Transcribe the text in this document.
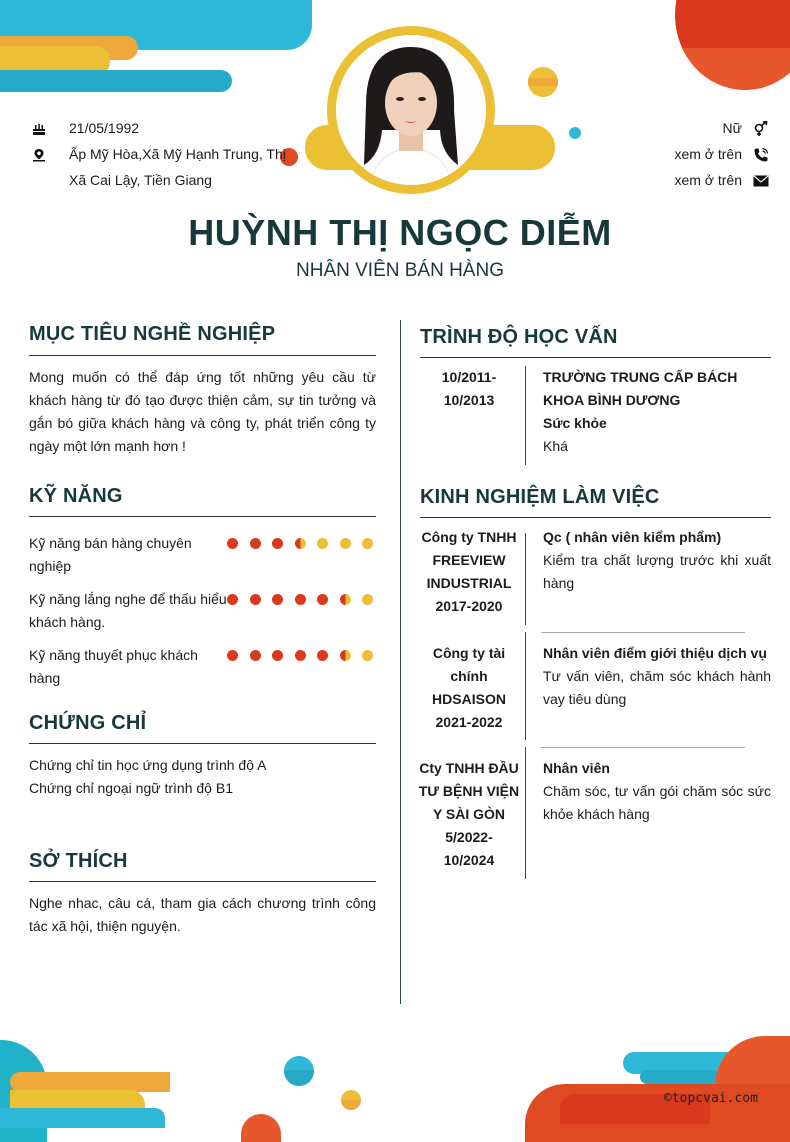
21/05/1992
Ấp Mỹ Hòa,Xã Mỹ Hạnh Trung, Thị
Xã Cai Lậy, Tiền Giang
Nữ
xem ở trên
xem ở trên
HUỲNH THỊ NGỌC DIỄM
NHÂN VIÊN BÁN HÀNG
MỤC TIÊU NGHỀ NGHIỆP
Mong muốn có thể đáp ứng tốt những yêu cầu từ khách hàng từ đó tạo được thiện cảm, sự tin tưởng và gắn bó giữa khách hàng và công ty, phát triển công ty ngày một lớn mạnh hơn !
KỸ NĂNG
Kỹ năng bán hàng chuyên nghiệp
Kỹ năng lắng nghe để thấu hiểu khách hàng.
Kỹ năng thuyết phục khách hàng
CHỨNG CHỈ
Chứng chỉ tin học ứng dụng trình độ A
Chứng chỉ ngoại ngữ trình độ B1
SỞ THÍCH
Nghe nhac, câu cá, tham gia cách chương trình công tác xã hội, thiện nguyện.
TRÌNH ĐỘ HỌC VẤN
10/2011- 10/2013
TRƯỜNG TRUNG CẤP BÁCH KHOA BÌNH DƯƠNG
Sức khỏe
Khá
KINH NGHIỆM LÀM VIỆC
Công ty TNHH FREEVIEW INDUSTRIAL
2017-2020
Qc ( nhân viên kiểm phẩm)
Kiểm tra chất lượng trước khi xuất hàng
Công ty tài chính HDSAISON
2021-2022
Nhân viên điểm giới thiệu dịch vụ
Tư vấn viên, chăm sóc khách hành vay tiêu dùng
Cty TNHH ĐẦU TƯ BỆNH VIỆN Y SÀI GÒN
5/2022- 10/2024
Nhân viên
Chăm sóc, tư vấn gói chăm sóc sức khỏe khách hàng
©topcvai.com
